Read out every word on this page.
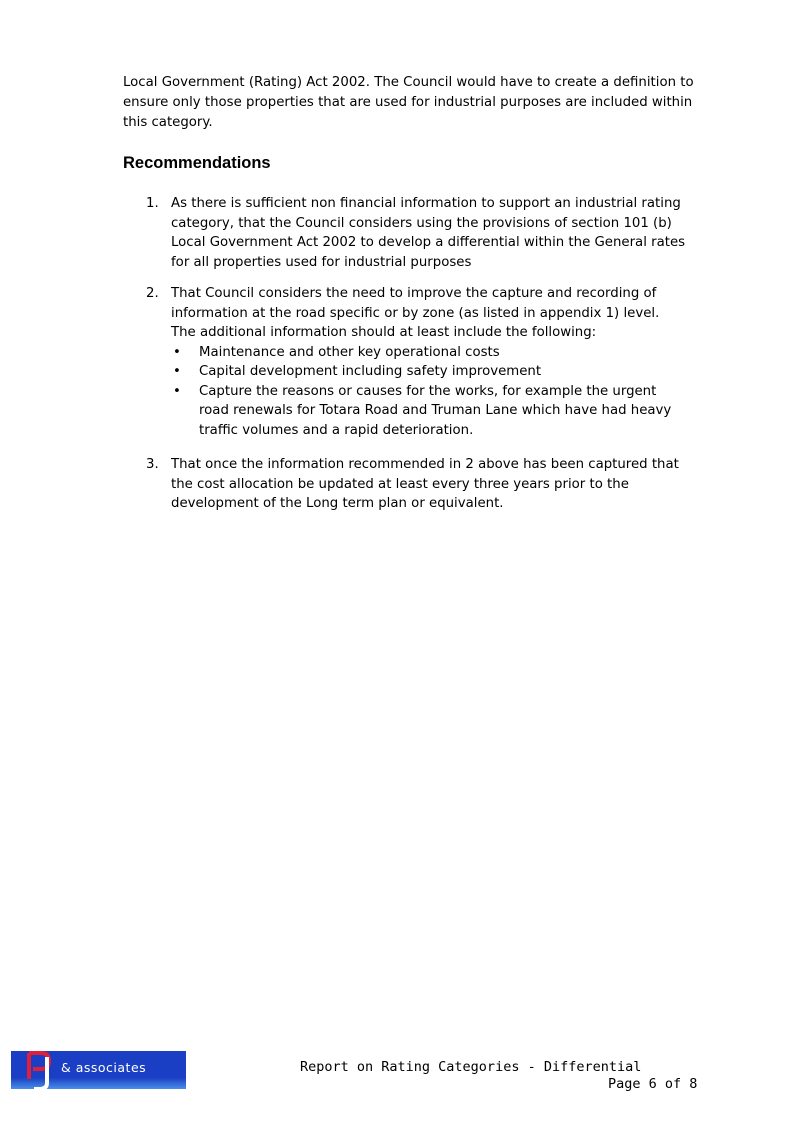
Local Government (Rating) Act 2002. The Council would have to create a definition to ensure only those properties that are used for industrial purposes are included within this category.
Recommendations
1. As there is sufficient non financial information to support an industrial rating category, that the Council considers using the provisions of section 101 (b) Local Government Act 2002 to develop a differential within the General rates for all properties used for industrial purposes
2. That Council considers the need to improve the capture and recording of information at the road specific or by zone (as listed in appendix 1) level. The additional information should at least include the following:
• Maintenance and other key operational costs
• Capital development including safety improvement
• Capture the reasons or causes for the works, for example the urgent road renewals for Totara Road and Truman Lane which have had heavy traffic volumes and a rapid deterioration.
3. That once the information recommended in 2 above has been captured that the cost allocation be updated at least every three years prior to the development of the Long term plan or equivalent.
& associates	Report on Rating Categories - Differential
Page 6 of 8
